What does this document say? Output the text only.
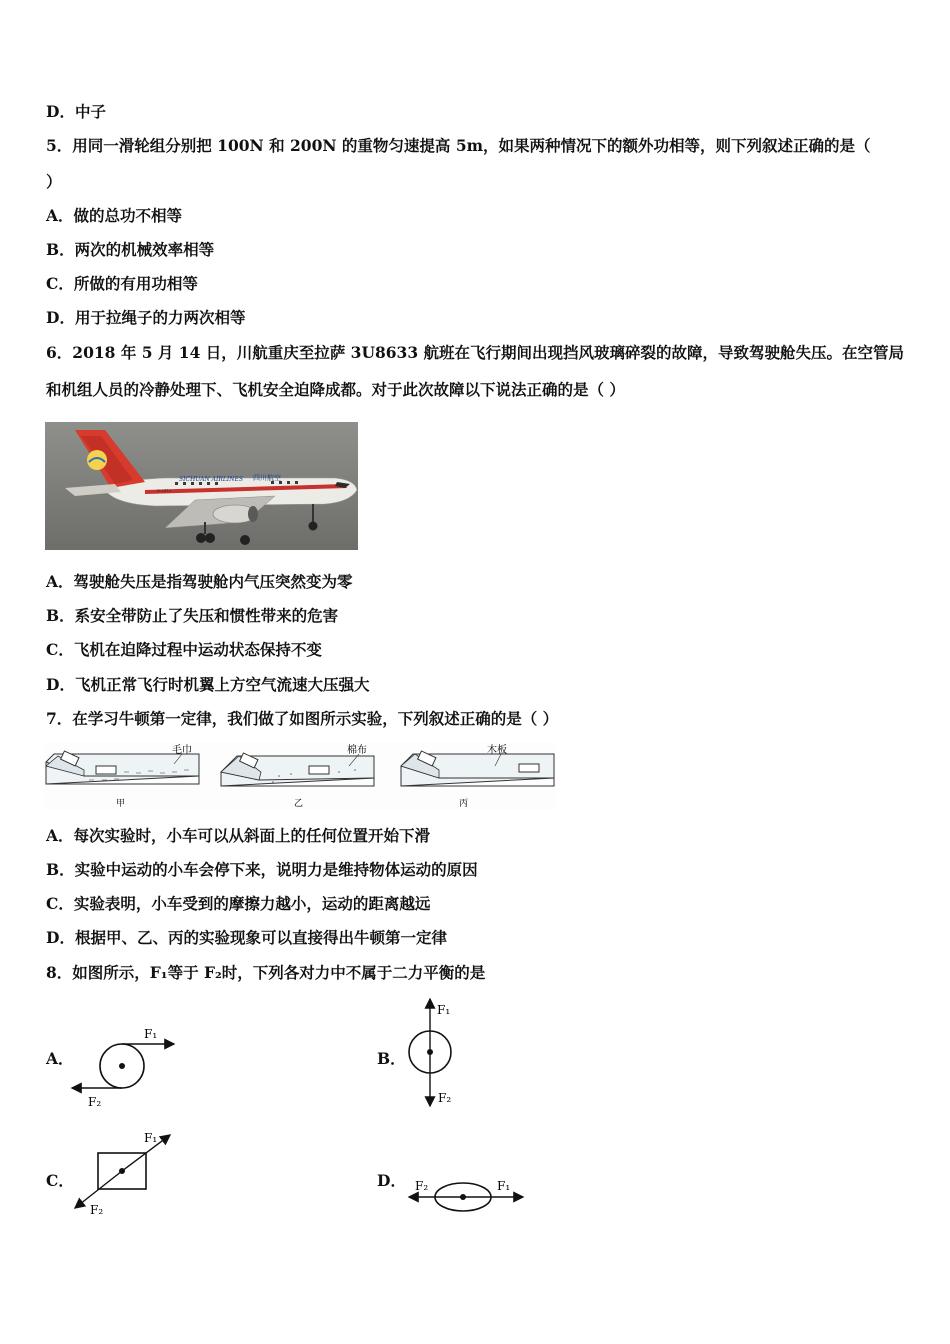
D．中子
5．用同一滑轮组分别把 100N 和 200N 的重物匀速提高 5m，如果两种情况下的额外功相等，则下列叙述正确的是（
）
A．做的总功不相等
B．两次的机械效率相等
C．所做的有用功相等
D．用于拉绳子的力两次相等
6．2018 年 5 月 14 日，川航重庆至拉萨 3U8633 航班在飞行期间出现挡风玻璃碎裂的故障，导致驾驶舱失压。在空管局
和机组人员的冷静处理下、飞机安全迫降成都。对于此次故障以下说法正确的是（ ）
SICHUAN AIRLINES 四川航空
B-6418
A．驾驶舱失压是指驾驶舱内气压突然变为零
B．系安全带防止了失压和惯性带来的危害
C．飞机在迫降过程中运动状态保持不变
D．飞机正常飞行时机翼上方空气流速大压强大
7．在学习牛顿第一定律，我们做了如图所示实验，下列叙述正确的是（ ）
毛巾
甲
棉布
乙
木板
丙
A．每次实验时，小车可以从斜面上的任何位置开始下滑
B．实验中运动的小车会停下来，说明力是维持物体运动的原因
C．实验表明，小车受到的摩擦力越小，运动的距离越远
D．根据甲、乙、丙的实验现象可以直接得出牛顿第一定律
8．如图所示，F₁等于 F₂时，下列各对力中不属于二力平衡的是
A．
F₁
F₂
B．
F₁
F₂
C．
F₁
F₂
D． F₂	F₁
